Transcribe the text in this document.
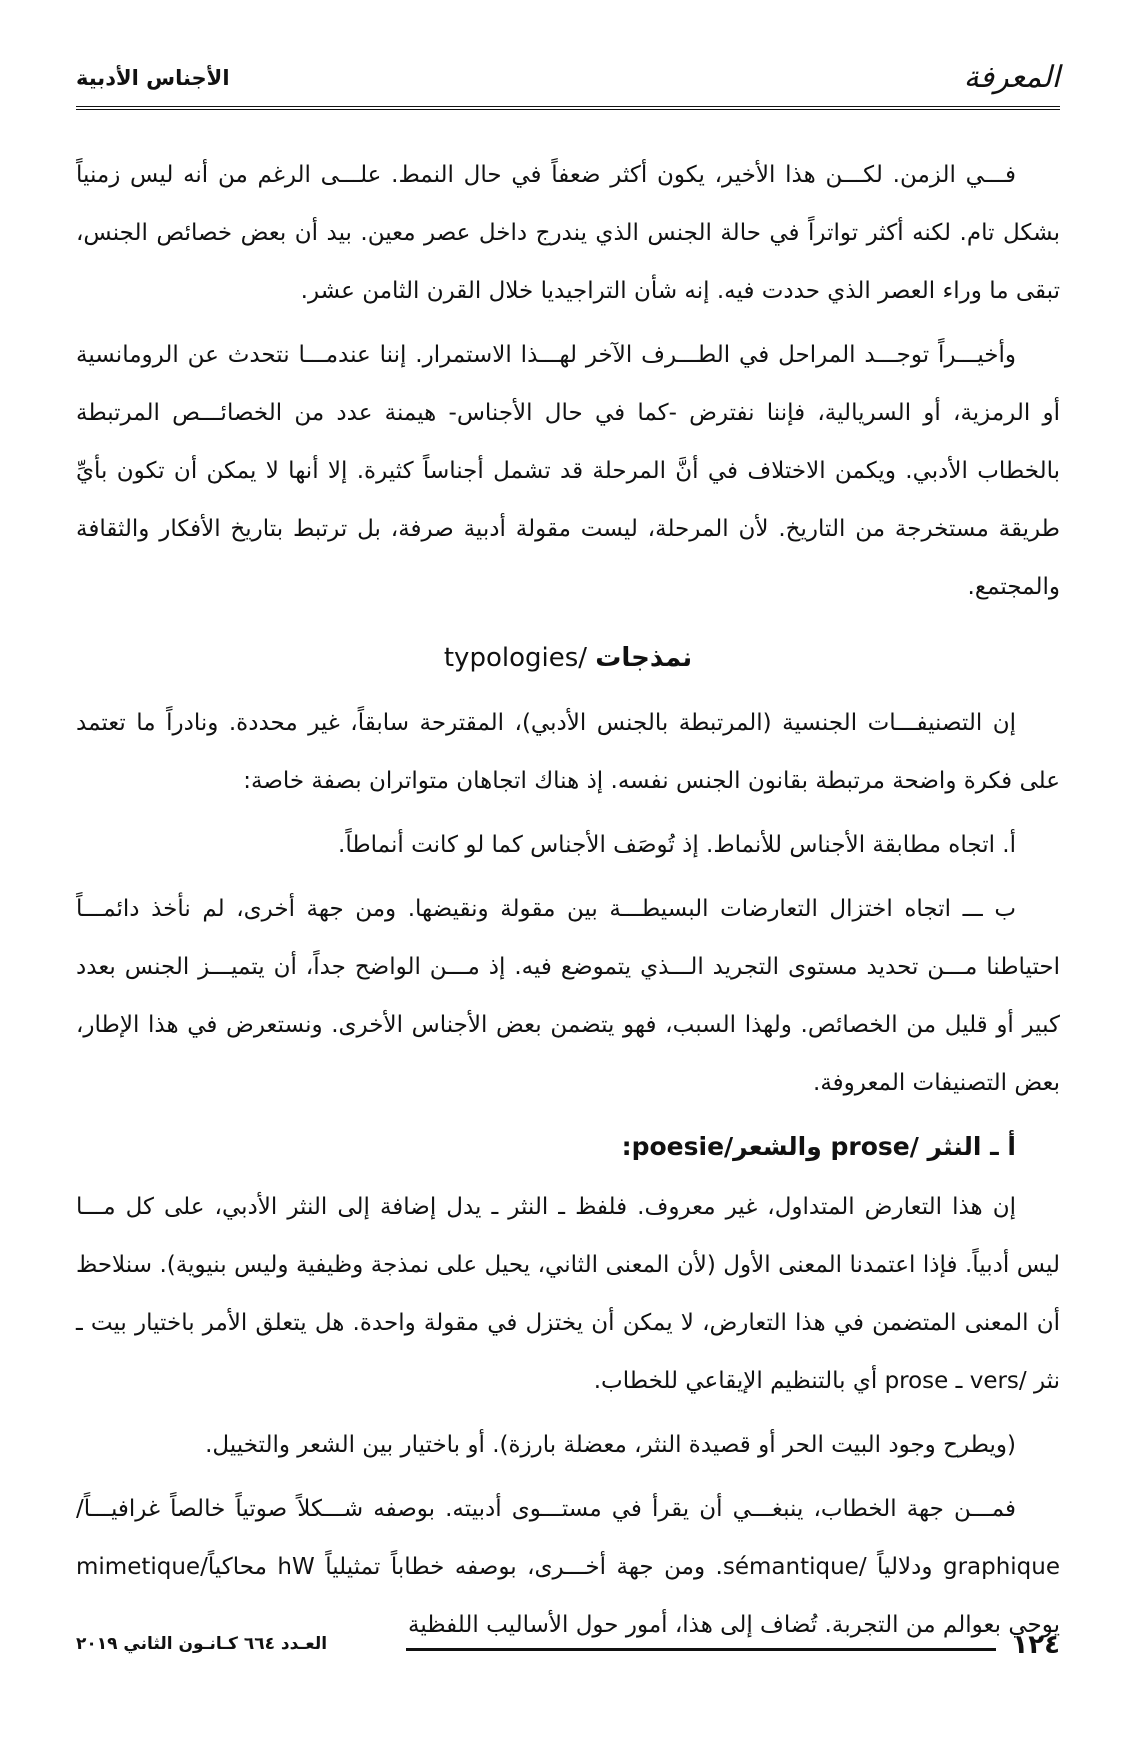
المعرفة
الأجناس الأدبية

فـــي الزمن. لكـــن هذا الأخير، يكون أكثر ضعفاً في حال النمط. علـــى الرغم من أنه ليس زمنياً بشكل تام. لكنه أكثر تواتراً في حالة الجنس الذي يندرج داخل عصر معين. بيد أن بعض خصائص الجنس، تبقى ما وراء العصر الذي حددت فيه. إنه شأن التراجيديا خلال القرن الثامن عشر.

وأخيـــراً توجـــد المراحل في الطـــرف الآخر لهـــذا الاستمرار. إننا عندمـــا نتحدث عن الرومانسية أو الرمزية، أو السريالية، فإننا نفترض -كما في حال الأجناس- هيمنة عدد من الخصائـــص المرتبطة بالخطاب الأدبي. ويكمن الاختلاف في أنَّ المرحلة قد تشمل أجناساً كثيرة. إلا أنها لا يمكن أن تكون بأيِّ طريقة مستخرجة من التاريخ. لأن المرحلة، ليست مقولة أدبية صرفة، بل ترتبط بتاريخ الأفكار والثقافة والمجتمع.

نمذجات /typologies

إن التصنيفـــات الجنسية (المرتبطة بالجنس الأدبي)، المقترحة سابقاً، غير محددة. ونادراً ما تعتمد على فكرة واضحة مرتبطة بقانون الجنس نفسه. إذ هناك اتجاهان متواتران بصفة خاصة:

أ. اتجاه مطابقة الأجناس للأنماط. إذ تُوصَف الأجناس كما لو كانت أنماطاً.

ب ـــ اتجاه اختزال التعارضات البسيطـــة بين مقولة ونقيضها. ومن جهة أخرى، لم نأخذ دائمـــاً احتياطنا مـــن تحديد مستوى التجريد الـــذي يتموضع فيه. إذ مـــن الواضح جداً، أن يتميـــز الجنس بعدد كبير أو قليل من الخصائص. ولهذا السبب، فهو يتضمن بعض الأجناس الأخرى. ونستعرض في هذا الإطار، بعض التصنيفات المعروفة.

أ ـ النثر /prose والشعر/poesie:

إن هذا التعارض المتداول، غير معروف. فلفظ ـ النثر ـ يدل إضافة إلى النثر الأدبي، على كل مـــا ليس أدبياً. فإذا اعتمدنا المعنى الأول (لأن المعنى الثاني، يحيل على نمذجة وظيفية وليس بنيوية). سنلاحظ أن المعنى المتضمن في هذا التعارض، لا يمكن أن يختزل في مقولة واحدة. هل يتعلق الأمر باختيار بيت ـ نثر /vers ـ prose أي بالتنظيم الإيقاعي للخطاب.

(ويطرح وجود البيت الحر أو قصيدة النثر، معضلة بارزة). أو باختيار بين الشعر والتخييل.

فمـــن جهة الخطاب، ينبغـــي أن يقرأ في مستـــوى أدبيته. بوصفه شـــكلاً صوتياً خالصاً غرافيـــاً/ graphique ودلالياً /sémantique. ومن جهة أخـــرى، بوصفه خطاباً تمثيلياً hW محاكياً/mimetique يوحي بعوالم من التجربة. تُضاف إلى هذا، أمور حول الأساليب اللفظية

١٢٤
العـدد ٦٦٤ كـانـون الثاني ٢٠١٩
